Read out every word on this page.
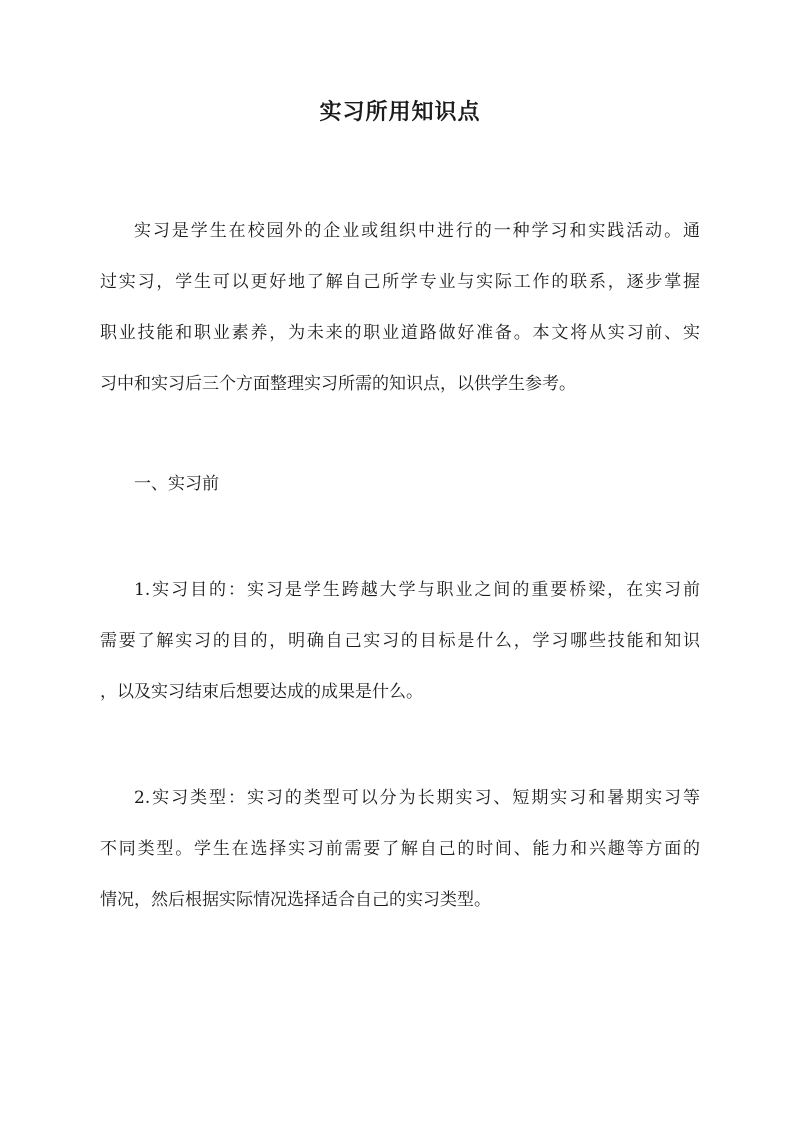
实习所用知识点

实习是学生在校园外的企业或组织中进行的一种学习和实践活动。通

过实习，学生可以更好地了解自己所学专业与实际工作的联系，逐步掌握

职业技能和职业素养，为未来的职业道路做好准备。本文将从实习前、实

习中和实习后三个方面整理实习所需的知识点，以供学生参考。

一、实习前

1.实习目的：实习是学生跨越大学与职业之间的重要桥梁，在实习前

需要了解实习的目的，明确自己实习的目标是什么，学习哪些技能和知识

，以及实习结束后想要达成的成果是什么。

2.实习类型：实习的类型可以分为长期实习、短期实习和暑期实习等

不同类型。学生在选择实习前需要了解自己的时间、能力和兴趣等方面的

情况，然后根据实际情况选择适合自己的实习类型。
